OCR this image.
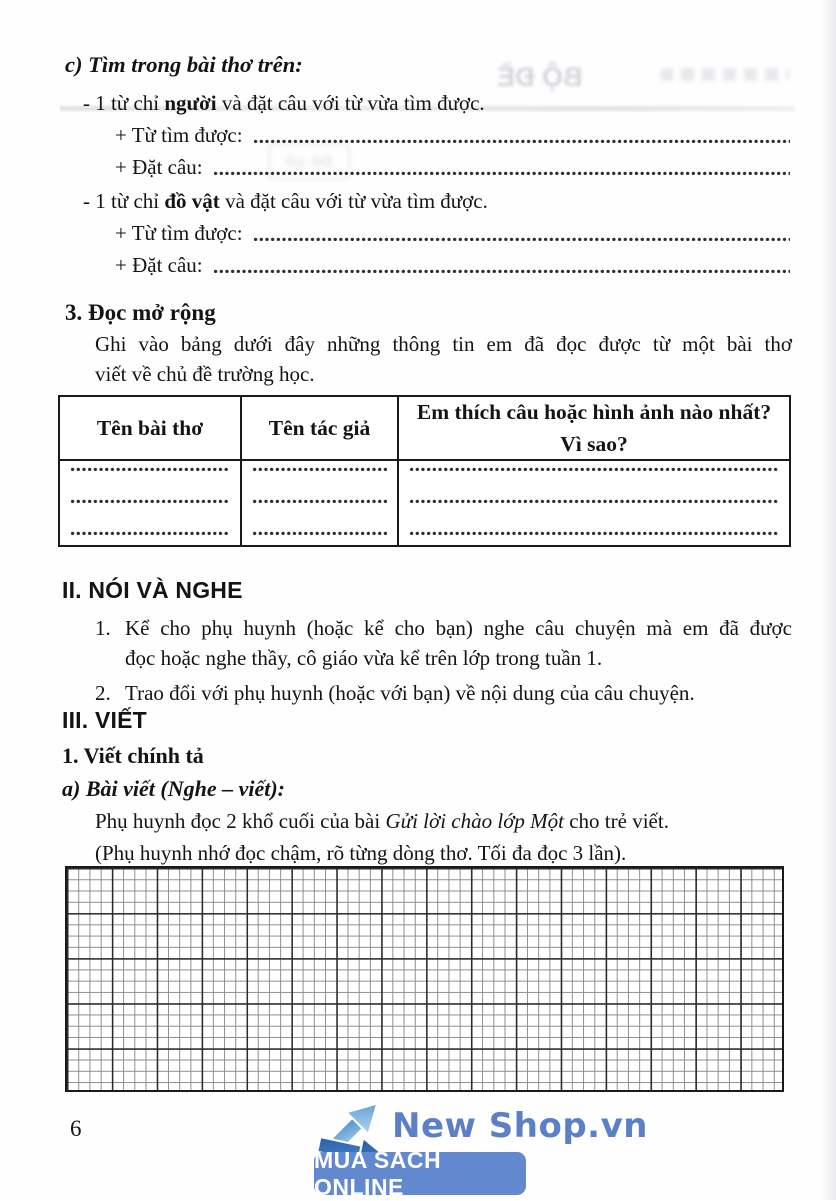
BỘ ĐỀ
Đề số
c) Tìm trong bài thơ trên:
- 1 từ chỉ người và đặt câu với từ vừa tìm được.
+ Từ tìm được:
+ Đặt câu:
- 1 từ chỉ đồ vật và đặt câu với từ vừa tìm được.
+ Từ tìm được:
+ Đặt câu:
3. Đọc mở rộng
Ghi vào bảng dưới đây những thông tin em đã đọc được từ một bài thơ
viết về chủ đề trường học.
Tên bài thơ	Tên tác giả
Em thích câu hoặc hình ảnh nào nhất? Vì sao?
II. NÓI VÀ NGHE
1. Kể cho phụ huynh (hoặc kể cho bạn) nghe câu chuyện mà em đã được
đọc hoặc nghe thầy, cô giáo vừa kể trên lớp trong tuần 1.
2. Trao đổi với phụ huynh (hoặc với bạn) về nội dung của câu chuyện.
III. VIẾT
1. Viết chính tả
a) Bài viết (Nghe – viết):
Phụ huynh đọc 2 khổ cuối của bài Gửi lời chào lớp Một cho trẻ viết.
(Phụ huynh nhớ đọc chậm, rõ từng dòng thơ. Tối đa đọc 3 lần).
6	New Shop.vn
MUA SÁCH ONLINE
